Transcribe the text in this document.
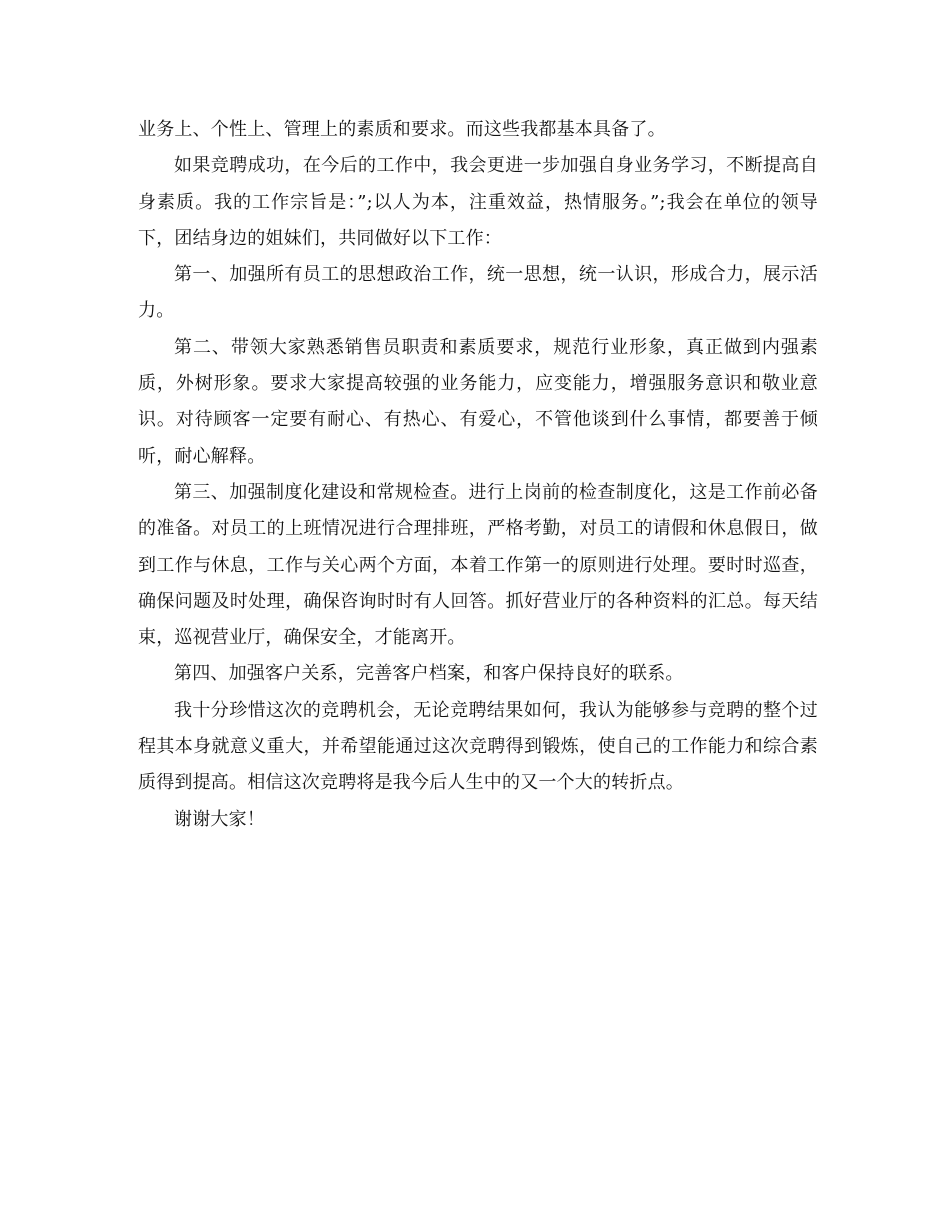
业务上、个性上、管理上的素质和要求。而这些我都基本具备了。

如果竞聘成功，在今后的工作中，我会更进一步加强自身业务学习，不断提高自身素质。我的工作宗旨是：”;以人为本，注重效益，热情服务。”;我会在单位的领导下，团结身边的姐妹们，共同做好以下工作：

第一、加强所有员工的思想政治工作，统一思想，统一认识，形成合力，展示活力。

第二、带领大家熟悉销售员职责和素质要求，规范行业形象，真正做到内强素质，外树形象。要求大家提高较强的业务能力，应变能力，增强服务意识和敬业意识。对待顾客一定要有耐心、有热心、有爱心，不管他谈到什么事情，都要善于倾听，耐心解释。

第三、加强制度化建设和常规检查。进行上岗前的检查制度化，这是工作前必备的准备。对员工的上班情况进行合理排班，严格考勤，对员工的请假和休息假日，做到工作与休息，工作与关心两个方面，本着工作第一的原则进行处理。要时时巡查，确保问题及时处理，确保咨询时时有人回答。抓好营业厅的各种资料的汇总。每天结束，巡视营业厅，确保安全，才能离开。

第四、加强客户关系，完善客户档案，和客户保持良好的联系。

我十分珍惜这次的竞聘机会，无论竞聘结果如何，我认为能够参与竞聘的整个过程其本身就意义重大，并希望能通过这次竞聘得到锻炼，使自己的工作能力和综合素质得到提高。相信这次竞聘将是我今后人生中的又一个大的转折点。

谢谢大家！
